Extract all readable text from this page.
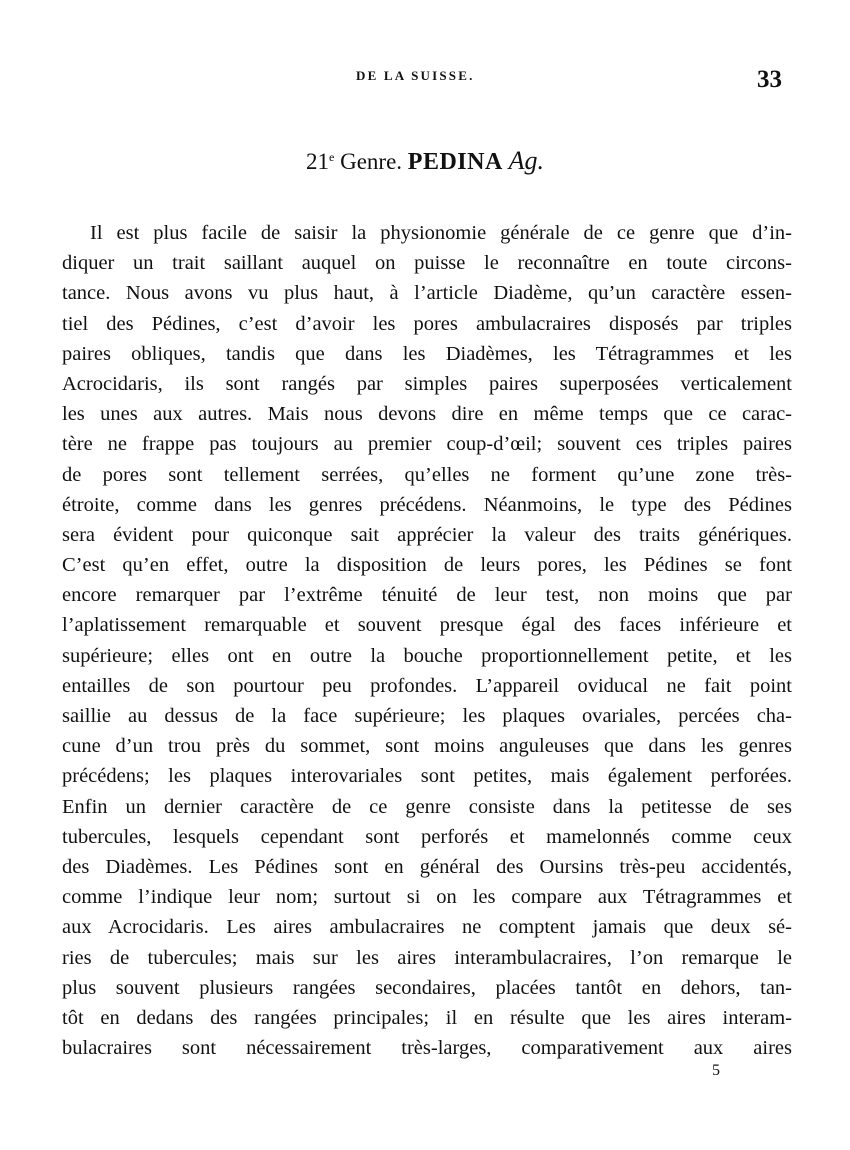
DE LA SUISSE.	33
21e Genre. PEDINA Ag.
Il est plus facile de saisir la physionomie générale de ce genre que d’in-
diquer un trait saillant auquel on puisse le reconnaître en toute circons-
tance. Nous avons vu plus haut, à l’article Diadème, qu’un caractère essen-
tiel des Pédines, c’est d’avoir les pores ambulacraires disposés par triples
paires obliques, tandis que dans les Diadèmes, les Tétragrammes et les
Acrocidaris, ils sont rangés par simples paires superposées verticalement
les unes aux autres. Mais nous devons dire en même temps que ce carac-
tère ne frappe pas toujours au premier coup-d’œil; souvent ces triples paires
de pores sont tellement serrées, qu’elles ne forment qu’une zone très-
étroite, comme dans les genres précédens. Néanmoins, le type des Pédines
sera évident pour quiconque sait apprécier la valeur des traits génériques.
C’est qu’en effet, outre la disposition de leurs pores, les Pédines se font
encore remarquer par l’extrême ténuité de leur test, non moins que par
l’aplatissement remarquable et souvent presque égal des faces inférieure et
supérieure; elles ont en outre la bouche proportionnellement petite, et les
entailles de son pourtour peu profondes. L’appareil oviducal ne fait point
saillie au dessus de la face supérieure; les plaques ovariales, percées cha-
cune d’un trou près du sommet, sont moins anguleuses que dans les genres
précédens; les plaques interovariales sont petites, mais également perforées.
Enfin un dernier caractère de ce genre consiste dans la petitesse de ses
tubercules, lesquels cependant sont perforés et mamelonnés comme ceux
des Diadèmes. Les Pédines sont en général des Oursins très-peu accidentés,
comme l’indique leur nom; surtout si on les compare aux Tétragrammes et
aux Acrocidaris. Les aires ambulacraires ne comptent jamais que deux sé-
ries de tubercules; mais sur les aires interambulacraires, l’on remarque le
plus souvent plusieurs rangées secondaires, placées tantôt en dehors, tan-
tôt en dedans des rangées principales; il en résulte que les aires interam-
bulacraires sont nécessairement très-larges, comparativement aux aires
5
